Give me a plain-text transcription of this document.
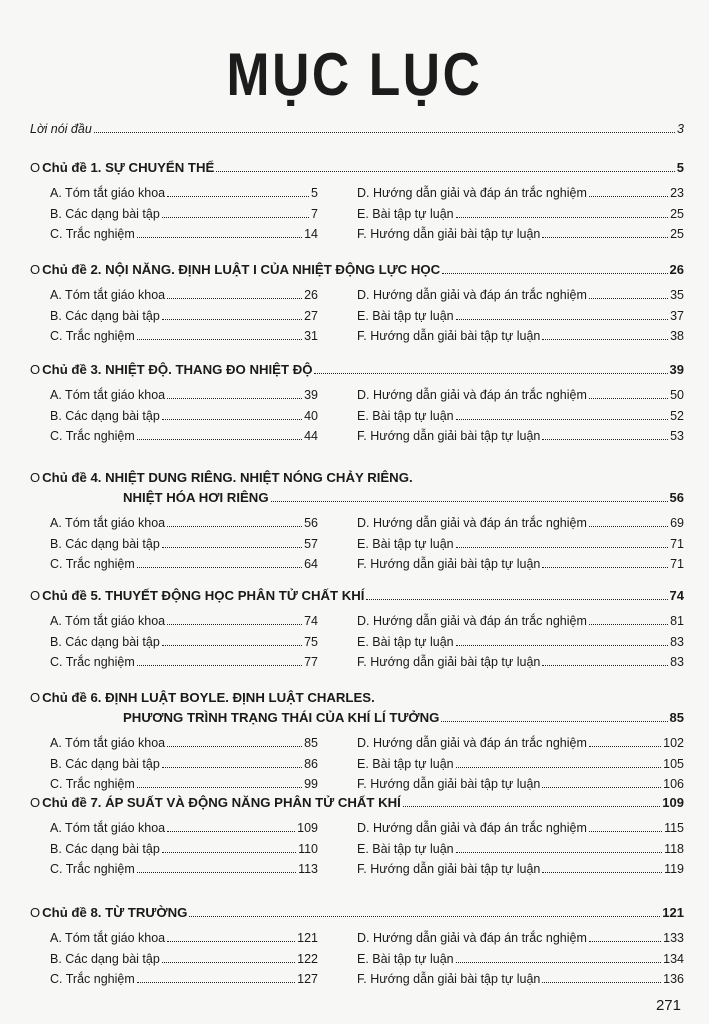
MỤC LỤC
Lời nói đầu	3
O Chủ đề 1. SỰ CHUYỂN THỂ	5
A. Tóm tắt giáo khoa	5
B. Các dạng bài tập	7
C. Trắc nghiệm	14
D. Hướng dẫn giải và đáp án trắc nghiệm	23
E. Bài tập tự luận	25
F. Hướng dẫn giải bài tập tự luận	25
O Chủ đề 2. NỘI NĂNG. ĐỊNH LUẬT I CỦA NHIỆT ĐỘNG LỰC HỌC	26
A. Tóm tắt giáo khoa	26
B. Các dạng bài tập	27
C. Trắc nghiệm	31
D. Hướng dẫn giải và đáp án trắc nghiệm	35
E. Bài tập tự luận	37
F. Hướng dẫn giải bài tập tự luận	38
O Chủ đề 3. NHIỆT ĐỘ. THANG ĐO NHIỆT ĐỘ	39
A. Tóm tắt giáo khoa	39
B. Các dạng bài tập	40
C. Trắc nghiệm	44
D. Hướng dẫn giải và đáp án trắc nghiệm	50
E. Bài tập tự luận	52
F. Hướng dẫn giải bài tập tự luận	53
O Chủ đề 4. NHIỆT DUNG RIÊNG. NHIỆT NÓNG CHẢY RIÊNG.
NHIỆT HÓA HƠI RIÊNG	56
A. Tóm tắt giáo khoa	56
B. Các dạng bài tập	57
C. Trắc nghiệm	64
D. Hướng dẫn giải và đáp án trắc nghiệm	69
E. Bài tập tự luận	71
F. Hướng dẫn giải bài tập tự luận	71
O Chủ đề 5. THUYẾT ĐỘNG HỌC PHÂN TỬ CHẤT KHÍ	74
A. Tóm tắt giáo khoa	74
B. Các dạng bài tập	75
C. Trắc nghiệm	77
D. Hướng dẫn giải và đáp án trắc nghiệm	81
E. Bài tập tự luận	83
F. Hướng dẫn giải bài tập tự luận	83
O Chủ đề 6. ĐỊNH LUẬT BOYLE. ĐỊNH LUẬT CHARLES.
PHƯƠNG TRÌNH TRẠNG THÁI CỦA KHÍ LÍ TƯỞNG	85
A. Tóm tắt giáo khoa	85
B. Các dạng bài tập	86
C. Trắc nghiệm	99
D. Hướng dẫn giải và đáp án trắc nghiệm	102
E. Bài tập tự luận	105
F. Hướng dẫn giải bài tập tự luận	106
O Chủ đề 7. ÁP SUẤT VÀ ĐỘNG NĂNG PHÂN TỬ CHẤT KHÍ	109
A. Tóm tắt giáo khoa	109
B. Các dạng bài tập	110
C. Trắc nghiệm	113
D. Hướng dẫn giải và đáp án trắc nghiệm	115
E. Bài tập tự luận	118
F. Hướng dẫn giải bài tập tự luận	119
O Chủ đề 8. TỪ TRƯỜNG	121
A. Tóm tắt giáo khoa	121
B. Các dạng bài tập	122
C. Trắc nghiệm	127
D. Hướng dẫn giải và đáp án trắc nghiệm	133
E. Bài tập tự luận	134
F. Hướng dẫn giải bài tập tự luận	136
271
